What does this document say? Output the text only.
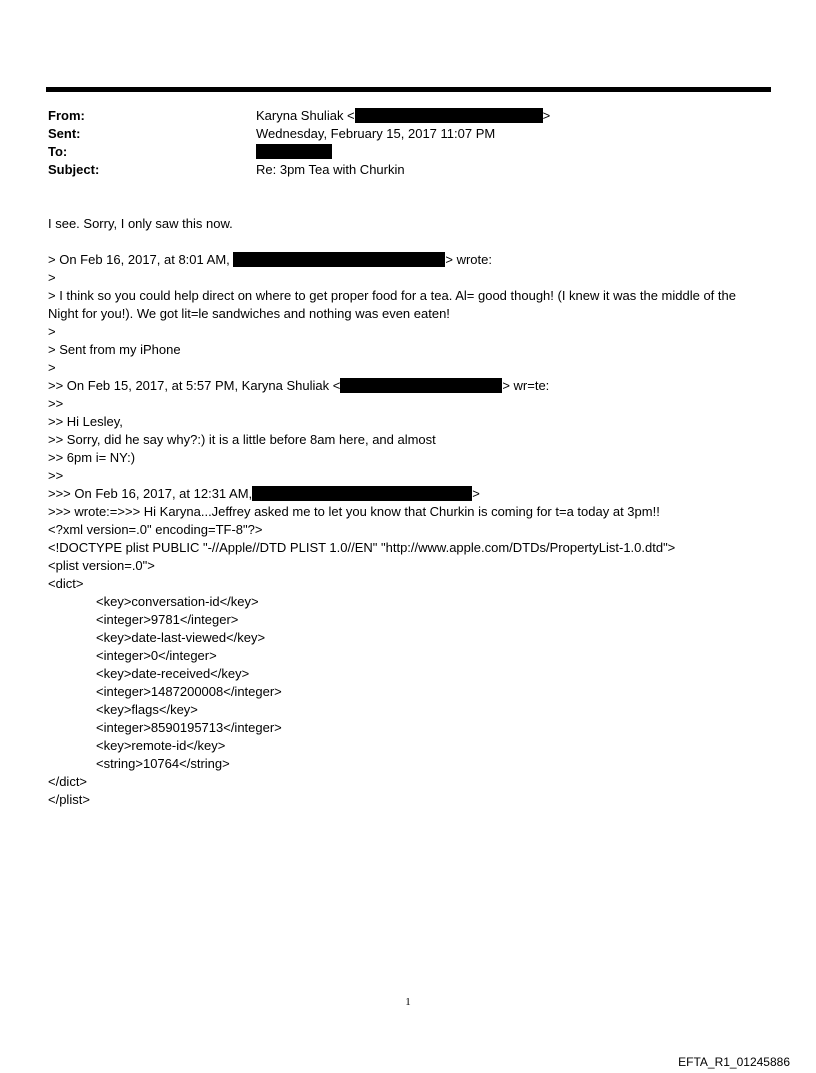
From:	Karyna Shuliak <	>
Sent:	Wednesday, February 15, 2017 11:07 PM
To:
Subject:	Re: 3pm Tea with Churkin
I see. Sorry, I only saw this now.
> On Feb 16, 2017, at 8:01 AM,	> wrote:
>
> I think so you could help direct on where to get proper food for a tea. Al= good though! (I knew it was the middle of the Night for you!). We got lit=le sandwiches and nothing was even eaten!
>
> Sent from my iPhone
>
>> On Feb 15, 2017, at 5:57 PM, Karyna Shuliak <	> wr=te:
>>
>> Hi Lesley,
>> Sorry, did he say why?:) it is a little before 8am here, and almost
>> 6pm i= NY:)
>>
>>> On Feb 16, 2017, at 12:31 AM,	>
>>> wrote:=>>> Hi Karyna...Jeffrey asked me to let you know that Churkin is coming for t=a today at 3pm!!
<?xml version=.0" encoding=TF-8"?>
<!DOCTYPE plist PUBLIC "-//Apple//DTD PLIST 1.0//EN" "http://www.apple.com/DTDs/PropertyList-1.0.dtd">
<plist version=.0">
<dict>
<key>conversation-id</key>
<integer>9781</integer>
<key>date-last-viewed</key>
<integer>0</integer>
<key>date-received</key>
<integer>1487200008</integer>
<key>flags</key>
<integer>8590195713</integer>
<key>remote-id</key>
<string>10764</string>
</dict>
</plist>
1
EFTA_R1_01245886
